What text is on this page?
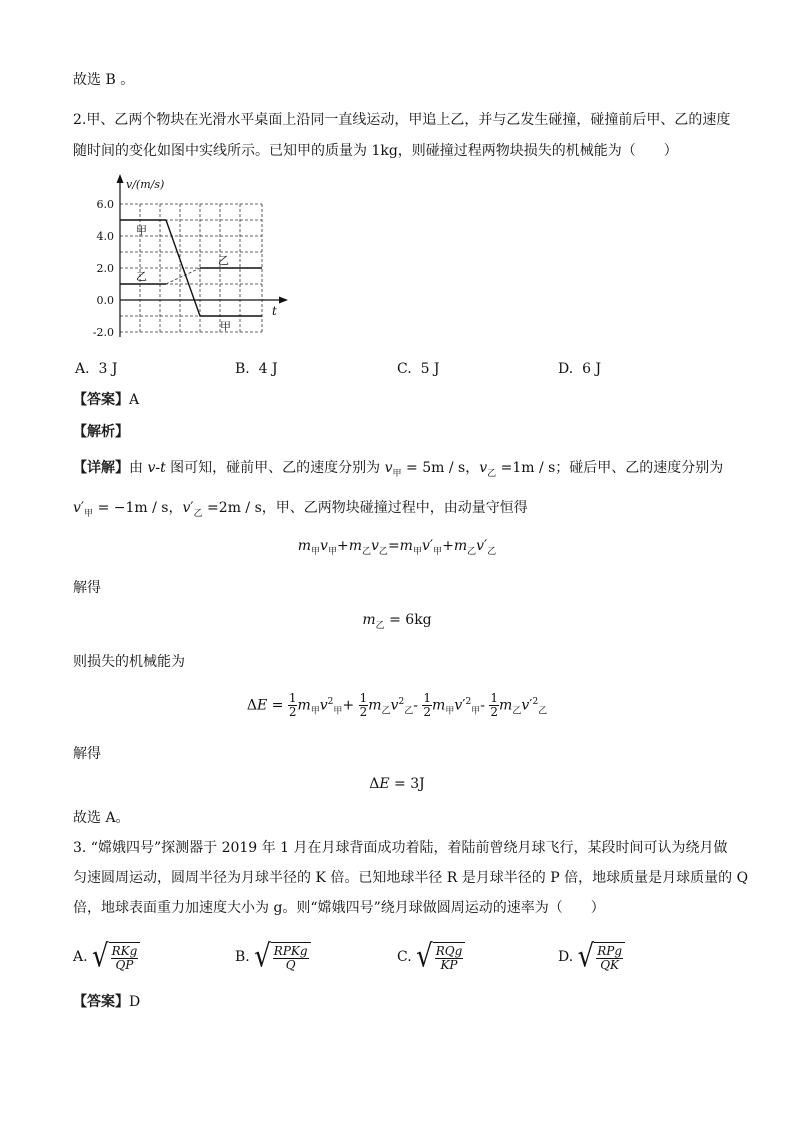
故选 B 。
2.甲、乙两个物块在光滑水平桌面上沿同一直线运动，甲追上乙，并与乙发生碰撞，碰撞前后甲、乙的速度
随时间的变化如图中实线所示。已知甲的质量为 1kg，则碰撞过程两物块损失的机械能为（　　）
6.0
4.0
2.0
0.0
-2.0
v/(m/s)
t
甲
乙
乙
甲
A. 3 J	B. 4 J	C. 5 J	D. 6 J
【答案】A
【解析】
【详解】由 v-t 图可知，碰前甲、乙的速度分别为 $v_甲 = 5m / s$，$v_乙 =1m / s$；碰后甲、乙的速度分别为
$v'_甲 = -1m / s$，$v'_乙 =2m / s$，甲、乙两物块碰撞过程中，由动量守恒得
$m_甲v_甲+m_乙v_乙=m_甲v'_甲+m_乙v'_乙$
解得
$m_乙 = 6kg$
则损失的机械能为
$\Delta E = \frac{1}{2} m_甲v^2_甲+ \frac{1}{2} m_乙v^2_乙- \frac{1}{2} m_甲v'^2_甲- \frac{1}{2} m_乙v'^2_乙$
解得
ΔE = 3J
故选 A。
3. “嫦娥四号”探测器于 2019 年 1 月在月球背面成功着陆，着陆前曾绕月球飞行，某段时间可认为绕月做
匀速圆周运动，圆周半径为月球半径的 K 倍。已知地球半径 R 是月球半径的 P 倍，地球质量是月球质量的 Q
倍，地球表面重力加速度大小为 g。则“嫦娥四号”绕月球做圆周运动的速率为（　　）
A. √ $\frac{\text{RKg}}{QP}$	B. √ $\frac{\text{RPKg}}{Q}$	C. √ $\frac{\text{RQg}}{KP}$	D. √ $\frac{\text{RPg}}{QK}$
【答案】D
